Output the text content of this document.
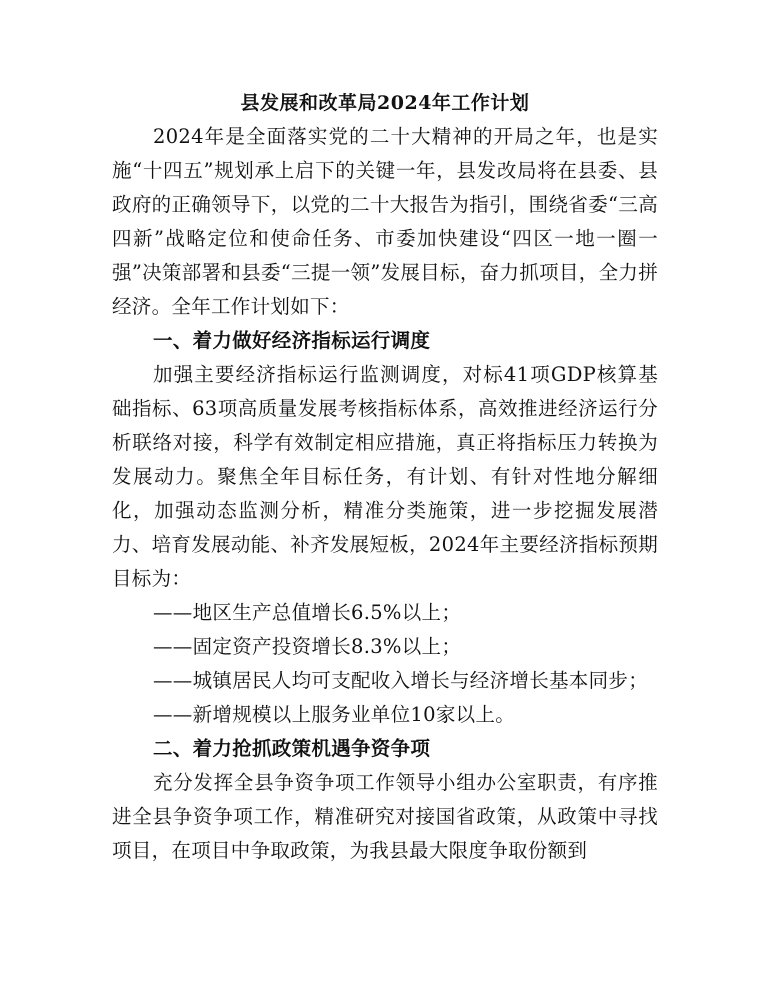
县发展和改革局2024年工作计划

2024年是全面落实党的二十大精神的开局之年，也是实施“十四五”规划承上启下的关键一年，县发改局将在县委、县政府的正确领导下，以党的二十大报告为指引，围绕省委“三高四新”战略定位和使命任务、市委加快建设“四区一地一圈一强”决策部署和县委“三提一领”发展目标，奋力抓项目，全力拼经济。全年工作计划如下：

一、着力做好经济指标运行调度

加强主要经济指标运行监测调度，对标41项GDP核算基础指标、63项高质量发展考核指标体系，高效推进经济运行分析联络对接，科学有效制定相应措施，真正将指标压力转换为发展动力。聚焦全年目标任务，有计划、有针对性地分解细化，加强动态监测分析，精准分类施策，进一步挖掘发展潜力、培育发展动能、补齐发展短板，2024年主要经济指标预期目标为：

——地区生产总值增长6.5%以上；

——固定资产投资增长8.3%以上；

——城镇居民人均可支配收入增长与经济增长基本同步；

——新增规模以上服务业单位10家以上。

二、着力抢抓政策机遇争资争项

充分发挥全县争资争项工作领导小组办公室职责，有序推进全县争资争项工作，精准研究对接国省政策，从政策中寻找项目，在项目中争取政策，为我县最大限度争取份额到
